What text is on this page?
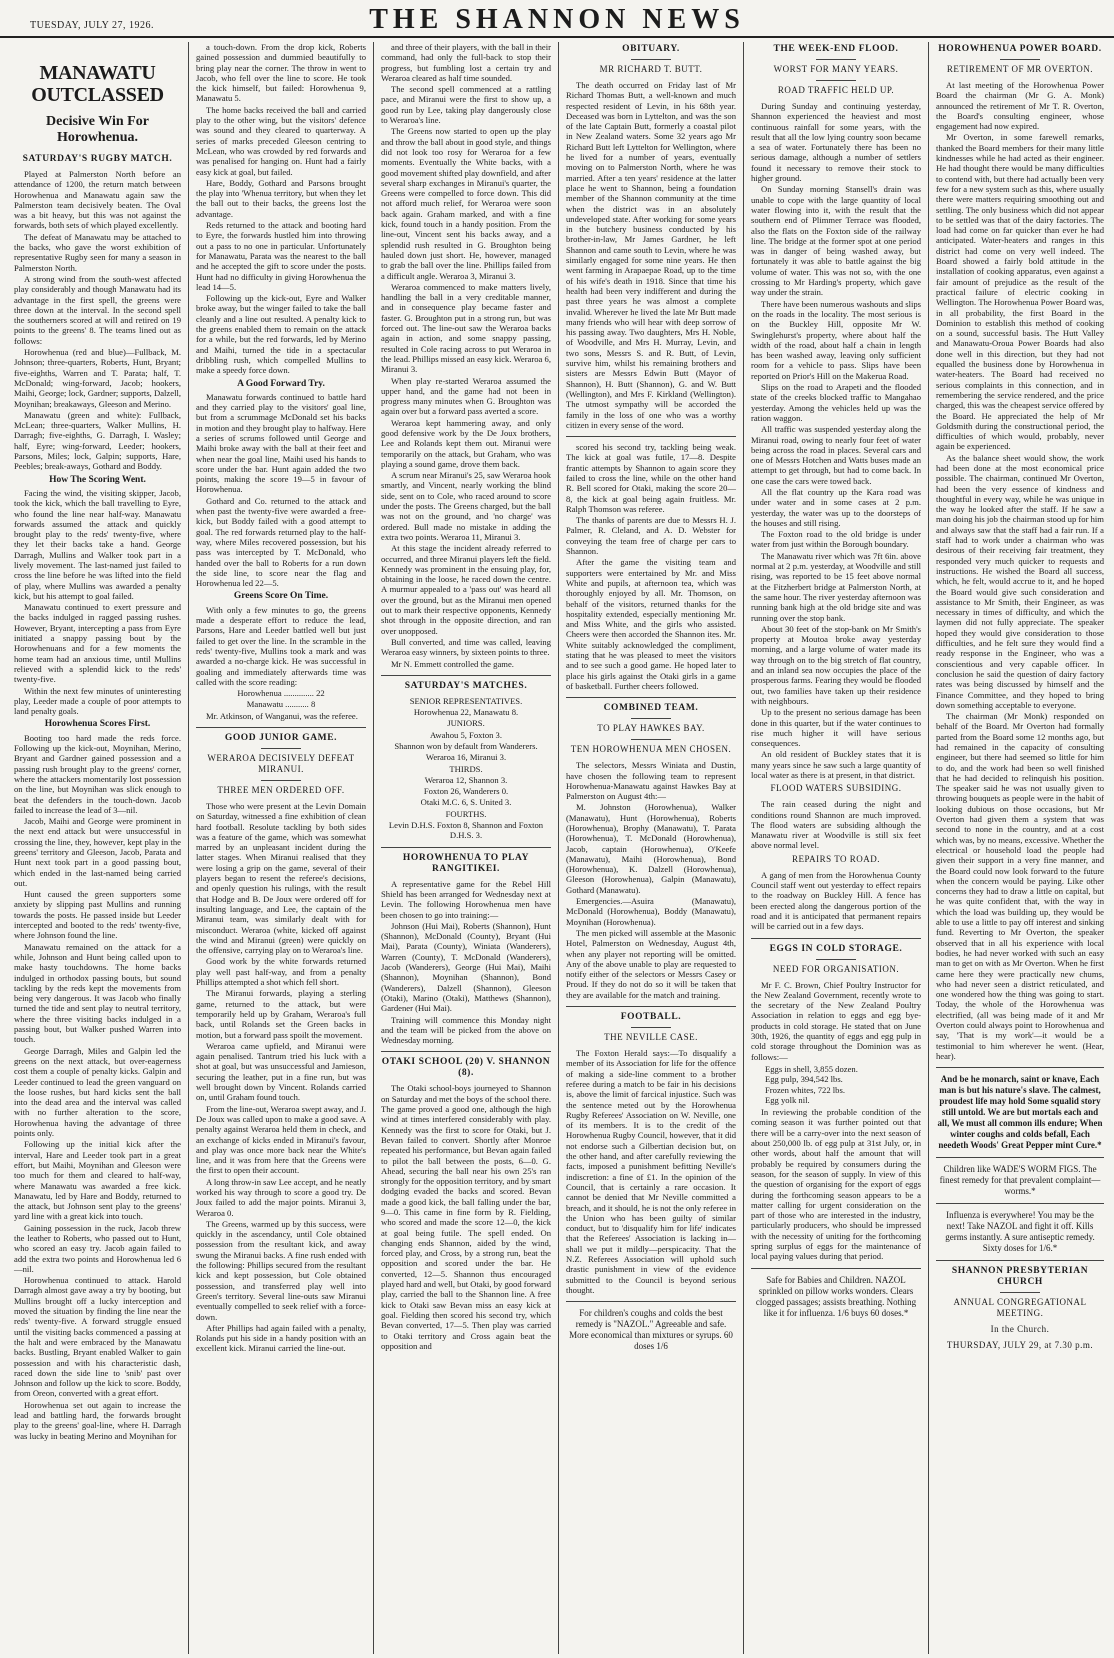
TUESDAY, JULY 27, 1926.	THE SHANNON NEWS
MANAWATU OUTCLASSED
Decisive Win For Horowhenua.
SATURDAY'S RUGBY MATCH.

Played at Palmerston North before an attendance of 1200, the return match between Horowhenua and Manawatu again saw the Palmerston team decisively beaten. The Oval was a bit heavy, but this was not against the forwards, both sets of which played excellently.

The defeat of Manawatu may be attached to the backs, who gave the worst exhibition of representative Rugby seen for many a season in Palmerston North.

A strong wind from the south-west affected play considerably and though Manawatu had its advantage in the first spell, the greens were three down at the interval. In the second spell the southerners scored at will and retired on 19 points to the greens' 8. The teams lined out as follows:

Horowhenua (red and blue)—Fullback, M. Johnson; three-quarters, Roberts, Hunt, Bryant; five-eighths, Warren and T. Parata; half, T. McDonald; wing-forward, Jacob; hookers, Maihi, George; lock, Gardner; supports, Dalzell, Moynihan; breakaways, Gleeson and Merino.

Manawatu (green and white): Fullback, McLean; three-quarters, Walker Mullins, H. Darragh; five-eighths, G. Darragh, I. Wasley; half, Eyre; wing-forward, Leeder; hookers, Parsons, Miles; lock, Galpin; supports, Hare, Peebles; break-aways, Gothard and Boddy.

How The Scoring Went.

Facing the wind, the visiting skipper, Jacob, took the kick, which the ball travelling to Eyre, who found the line near half-way. Manawatu forwards assumed the attack and quickly brought play to the reds' twenty-five, where they let their backs take a hand. George Darragh, Mullins and Walker took part in a lively movement. The last-named just failed to cross the line before he was lifted into the field of play, where Mullins was awarded a penalty kick, but his attempt to goal failed.

Manawatu continued to exert pressure and the backs indulged in ragged passing rushes. However, Bryant, intercepting a pass from Eyre initiated a snappy passing bout by the Horowhenuans and for a few moments the home team had an anxious time, until Mullins relieved with a splendid kick to the reds' twenty-five.

Within the next few minutes of uninteresting play, Leeder made a couple of poor attempts to land penalty goals.

Horowhenua Scores First.

Booting too hard made the reds force. Following up the kick-out, Moynihan, Merino, Bryant and Gardner gained possession and a passing rush brought play to the greens' corner, where the attackers momentarily lost possession on the line, but Moynihan was slick enough to beat the defenders in the touch-down. Jacob failed to increase the lead of 3—nil.

Jacob, Maihi and George were prominent in the next end attack but were unsuccessful in crossing the line, they, however, kept play in the greens' territory and Gleeson, Jacob, Parata and Hunt next took part in a good passing bout, which ended in the last-named being carried out.

Hunt caused the green supporters some anxiety by slipping past Mullins and running towards the posts. He passed inside but Leeder intercepted and booted to the reds' twenty-five, where Johnson found the line.

Manawatu remained on the attack for a while, Johnson and Hunt being called upon to make hasty touchdowns. The home backs indulged in orthodox passing bouts, but sound tackling by the reds kept the movements from being very dangerous. It was Jacob who finally turned the tide and sent play to neutral territory, where the three visiting backs indulged in a passing bout, but Walker pushed Warren into touch.

George Darragh, Miles and Galpin led the greens on the next attack, but over-eagerness cost them a couple of penalty kicks. Galpin and Leeder continued to lead the green vanguard on the loose rushes, but hard kicks sent the ball into the dead area and the interval was called with no further alteration to the score, Horowhenua having the advantage of three points only.

Following up the initial kick after the interval, Hare and Leeder took part in a great effort, but Maihi, Moynihan and Gleeson were too much for them and cleared to half-way, where Manawatu was awarded a free kick. Manawatu, led by Hare and Boddy, returned to the attack, but Johnson sent play to the greens' yard line with a great kick into touch.

Gaining possession in the ruck, Jacob threw the leather to Roberts, who passed out to Hunt, who scored an easy try. Jacob again failed to add the extra two points and Horowhenua led 6—nil.

Horowhenua continued to attack. Harold Darragh almost gave away a try by booting, but Mullins brought off a lucky interception and moved the situation by finding the line near the reds' twenty-five. A forward struggle ensued until the visiting backs commenced a passing at the halt and were embraced by the Manawatu backs. Bustling, Bryant enabled Walker to gain possession and with his characteristic dash, raced down the side line to 'snib' past over Johnson and follow up the kick to score. Boddy, from Oreon, converted with a great effort.

Horowhenua set out again to increase the lead and battling hard, the forwards brought play to the greens' goal-line, where H. Darragh was lucky in beating Merino and Moynihan for

a touch-down. From the drop kick, Roberts gained possession and dummied beautifully to bring play near the corner. The throw in went to Jacob, who fell over the line to score. He took the kick himself, but failed: Horowhenua 9, Manawatu 5.

The home backs received the ball and carried play to the other wing, but the visitors' defence was sound and they cleared to quarterway. A series of marks preceded Gleeson centring to McLean, who was crowded by red forwards and was penalised for hanging on. Hunt had a fairly easy kick at goal, but failed.

Hare, Boddy, Gothard and Parsons brought the play into 'Whenua territory, but when they let the ball out to their backs, the greens lost the advantage.

Reds returned to the attack and booting hard to Eyre, the forwards hustled him into throwing out a pass to no one in particular. Unfortunately for Manawatu, Parata was the nearest to the ball and he accepted the gift to score under the posts. Hunt had no difficulty in giving Horowhenua the lead 14—5.

Following up the kick-out, Eyre and Walker broke away, but the winger failed to take the ball cleanly and a line out resulted. A penalty kick to the greens enabled them to remain on the attack for a while, but the red forwards, led by Merino and Maihi, turned the tide in a spectacular dribbling rush, which compelled Mullins to make a speedy force down.

A Good Forward Try.

Manawatu forwards continued to battle hard and they carried play to the visitors' goal line, but from a scrummage McDonald set his backs in motion and they brought play to halfway. Here a series of scrums followed until George and Maihi broke away with the ball at their feet and when near the goal line, Maihi used his hands to score under the bar. Hunt again added the two points, making the score 19—5 in favour of Horowhenua.

Gothard and Co. returned to the attack and when past the twenty-five were awarded a free-kick, but Boddy failed with a good attempt to goal. The red forwards returned play to the half-way, where Miles recovered possession, but his pass was intercepted by T. McDonald, who handed over the ball to Roberts for a run down the side line, to score near the flag and Horowhenua led 22—5.

Greens Score On Time.

With only a few minutes to go, the greens made a desperate effort to reduce the lead, Parsons, Hare and Leeder battled well but just failed to get over the line. In the scramble in the reds' twenty-five, Mullins took a mark and was awarded a no-charge kick. He was successful in goaling and immediately afterwards time was called with the score reading:

Horowhenua .............. 22
Manawatu ........... 8

Mr. Atkinson, of Wanganui, was the referee.

GOOD JUNIOR GAME.
WERAROA DECISIVELY DEFEAT MIRANUI.
THREE MEN ORDERED OFF.

Those who were present at the Levin Domain on Saturday, witnessed a fine exhibition of clean hard football. Resolute tackling by both sides was a feature of the game, which was somewhat marred by an unpleasant incident during the latter stages. When Miranui realised that they were losing a grip on the game, several of their players began to resent the referee's decisions, and openly question his rulings, with the result that Hodge and B. De Joux were ordered off for insulting language, and Lee, the captain of the Miranui team, was similarly dealt with for misconduct. Weraroa (white, kicked off against the wind and Miranui (green) were quickly on the offensive, carrying play on to Weraroa's line.

Good work by the white forwards returned play well past half-way, and from a penalty Phillips attempted a shot which fell short.

The Miranui forwards, playing a sterling game, returned to the attack, but were temporarily held up by Graham, Weraroa's full back, until Rolands set the Green backs in motion, but a forward pass spoilt the movement.

Weraroa came upfield, and Miranui were again penalised. Tantrum tried his luck with a shot at goal, but was unsuccessful and Jamieson, securing the leather, put in a fine run, but was well brought down by Vincent. Rolands carried on, until Graham found touch.

From the line-out, Weraroa swept away, and J. De Joux was called upon to make a good save. A penalty against Weraroa held them in check, and an exchange of kicks ended in Miranui's favour, and play was once more back near the White's line, and it was from here that the Greens were the first to open their account.

A long throw-in saw Lee accept, and he neatly worked his way through to score a good try. De Joux failed to add the major points. Miranui 3, Weraroa 0.

The Greens, warmed up by this success, were quickly in the ascendancy, until Cole obtained possession from the resultant kick, and away swung the Miranui backs. A fine rush ended with the following: Phillips secured from the resultant kick and kept possession, but Cole obtained possession, and transferred play well into Green's territory. Several line-outs saw Miranui eventually compelled to seek relief with a force-down.

After Phillips had again failed with a penalty, Rolands put his side in a handy position with an excellent kick. Miranui carried the line-out.

and three of their players, with the ball in their command, had only the full-back to stop their progress, but fumbling lost a certain try and Weraroa cleared as half time sounded.

The second spell commenced at a rattling pace, and Miranui were the first to show up, a good run by Lee, taking play dangerously close to Weraroa's line.

The Greens now started to open up the play and throw the ball about in good style, and things did not look too rosy for Weraroa for a few moments. Eventually the White backs, with a good movement shifted play downfield, and after several sharp exchanges in Miranui's quarter, the Greens were compelled to force down. This did not afford much relief, for Weraroa were soon back again. Graham marked, and with a fine kick, found touch in a handy position. From the line-out, Vincent sent his backs away, and a splendid rush resulted in G. Broughton being hauled down just short. He, however, managed to grab the ball over the line. Phillips failed from a difficult angle. Weraroa 3, Miranui 3.

Weraroa commenced to make matters lively, handling the ball in a very creditable manner, and in consequence play became faster and faster. G. Broughton put in a strong run, but was forced out. The line-out saw the Weraroa backs again in action, and some snappy passing, resulted in Cole racing across to put Weraroa in the lead. Phillips missed an easy kick. Weraroa 6, Miranui 3.

When play re-started Weraroa assumed the upper hand, and the game had not been in progress many minutes when G. Broughton was again over but a forward pass averted a score.

Weraroa kept hammering away, and only good defensive work by the De Joux brothers, Lee and Rolands kept them out. Miranui were temporarily on the attack, but Graham, who was playing a sound game, drove them back.

A scrum near Miranui's 25, saw Weraroa hook smartly, and Vincent, nearly working the blind side, sent on to Cole, who raced around to score under the posts. The Greens charged, but the ball was not on the ground, and 'no charge' was ordered. Bull made no mistake in adding the extra two points. Weraroa 11, Miranui 3.

At this stage the incident already referred to occurred, and three Miranui players left the field. Kennedy was prominent in the ensuing play, for, obtaining in the loose, he raced down the centre. A murmur appealed to a 'pass out' was heard all over the ground, but as the Miranui men opened out to mark their respective opponents, Kennedy shot through in the opposite direction, and ran over unopposed.

Bull converted, and time was called, leaving Weraroa easy winners, by sixteen points to three.

Mr N. Emmett controlled the game.

SATURDAY'S MATCHES.
SENIOR REPRESENTATIVES.
Horowhenua 22, Manawatu 8.
JUNIORS.
Awahou 5, Foxton 3.
Shannon won by default from Wanderers.
Weraroa 16, Miranui 3.
THIRDS.
Weraroa 12, Shannon 3.
Foxton 26, Wanderers 0.
Otaki M.C. 6, S. United 3.
FOURTHS.
Levin D.H.S. Foxton 8, Shannon and Foxton D.H.S. 3.
HOROWHENUA TO PLAY RANGITIKEI.

A representative game for the Rebel Hill Shield has been arranged for Wednesday next at Levin. The following Horowhenua men have been chosen to go into training:—

Johnson (Hui Mai), Roberts (Shannon), Hunt (Shannon), McDonald (County), Bryant (Hui Mai), Parata (County), Winiata (Wanderers), Warren (County), T. McDonald (Wanderers), Jacob (Wanderers), George (Hui Mai), Maihi (Shannon), Moynihan (Shannon), Bond (Wanderers), Dalzell (Shannon), Gleeson (Otaki), Marino (Otaki), Matthews (Shannon), Gardener (Hui Mai).

Training will commence this Monday night and the team will be picked from the above on Wednesday morning.

OTAKI SCHOOL (20) V. SHANNON (8).

The Otaki school-boys journeyed to Shannon on Saturday and met the boys of the school there. The game proved a good one, although the high wind at times interfered considerably with play. Kennedy was the first to score for Otaki, but J. Bevan failed to convert. Shortly after Monroe repeated his performance, but Bevan again failed to pilot the ball between the posts, 6—0. G. Ahead, securing the ball near his own 25's ran strongly for the opposition territory, and by smart dodging evaded the backs and scored. Bevan made a good kick, the ball falling under the bar, 9—0. This came in fine form by R. Fielding, who scored and made the score 12—0, the kick at goal being futile. The spell ended. On changing ends Shannon, aided by the wind, forced play, and Cross, by a strong run, beat the opposition and scored under the bar. He converted, 12—5. Shannon thus encouraged played hard and well, but Otaki, by good forward play, carried the ball to the Shannon line. A free kick to Otaki saw Bevan miss an easy kick at goal. Fielding then scored his second try, which Bevan converted, 17—5. Then play was carried to Otaki territory and Cross again beat the opposition and

OBITUARY.
MR RICHARD T. BUTT.

The death occurred on Friday last of Mr Richard Thomas Butt, a well-known and much respected resident of Levin, in his 68th year. Deceased was born in Lyttelton, and was the son of the late Captain Butt, formerly a coastal pilot in New Zealand waters. Some 32 years ago Mr Richard Butt left Lyttelton for Wellington, where he lived for a number of years, eventually moving on to Palmerston North, where he was married. After a ten years' residence at the latter place he went to Shannon, being a foundation member of the Shannon community at the time when the district was in an absolutely undeveloped state. After working for some years in the butchery business conducted by his brother-in-law, Mr James Gardner, he left Shannon and came south to Levin, where he was similarly engaged for some nine years. He then went farming in Arapaepae Road, up to the time of his wife's death in 1918. Since that time his health had been very indifferent and during the past three years he was almost a complete invalid. Wherever he lived the late Mr Butt made many friends who will hear with deep sorrow of his passing away. Two daughters, Mrs H. Noble, of Woodville, and Mrs H. Murray, Levin, and two sons, Messrs S. and R. Butt, of Levin, survive him, whilst his remaining brothers and sisters are Messrs Edwin Butt (Mayor of Shannon), H. Butt (Shannon), G. and W. Butt (Wellington), and Mrs F. Kirkland (Wellington). The utmost sympathy will be accorded the family in the loss of one who was a worthy citizen in every sense of the word.

scored his second try, tackling being weak. The kick at goal was futile, 17—8. Despite frantic attempts by Shannon to again score they failed to cross the line, while on the other hand R. Bell scored for Otaki, making the score 20—8, the kick at goal being again fruitless. Mr. Ralph Thomson was referee.

The thanks of parents are due to Messrs H. J. Palmer, R. Cleland, and A. D. Webster for conveying the team free of charge per cars to Shannon.

After the game the visiting team and supporters were entertained by Mr. and Miss White and pupils, at afternoon tea, which was thoroughly enjoyed by all. Mr. Thomson, on behalf of the visitors, returned thanks for the hospitality extended, especially mentioning Mr. and Miss White, and the girls who assisted. Cheers were then accorded the Shannon ites. Mr. White suitably acknowledged the compliment, stating that he was pleased to meet the visitors and to see such a good game. He hoped later to place his girls against the Otaki girls in a game of basketball. Further cheers followed.

COMBINED TEAM.
TO PLAY HAWKES BAY.
TEN HOROWHENUA MEN CHOSEN.

The selectors, Messrs Winiata and Dustin, have chosen the following team to represent Horowhenua-Manawatu against Hawkes Bay at Palmerston on August 4th:—

M. Johnston (Horowhenua), Walker (Manawatu), Hunt (Horowhenua), Roberts (Horowhenua), Brophy (Manawatu), T. Parata (Horowhenua), T. McDonald (Horowhenua), Jacob, captain (Horowhenua), O'Keefe (Manawatu), Maihi (Horowhenua), Bond (Horowhenua), K. Dalzell (Horowhenua), Gleeson (Horowhenua), Galpin (Manawatu), Gothard (Manawatu).

Emergencies.—Asuira (Manawatu), McDonald (Horowhenua), Boddy (Manawatu), Moynihan (Horowhenua).

The men picked will assemble at the Masonic Hotel, Palmerston on Wednesday, August 4th, when any player not reporting will be omitted. Any of the above unable to play are requested to notify either of the selectors or Messrs Casey or Proud. If they do not do so it will be taken that they are available for the match and training.

FOOTBALL.
THE NEVILLE CASE.

The Foxton Herald says:—To disqualify a member of its Association for life for the offence of making a side-line comment to a brother referee during a match to be fair in his decisions is, above the limit of farcical injustice. Such was the sentence meted out by the Horowhenua Rugby Referees' Association on W. Neville, one of its members. It is to the credit of the Horowhenua Rugby Council, however, that it did not endorse such a Gilbertian decision but, on the other hand, and after carefully reviewing the facts, imposed a punishment befitting Neville's indiscretion: a fine of £1. In the opinion of the Council, that is certainly a rare occasion. It cannot be denied that Mr Neville committed a breach, and it should, he is not the only referee in the Union who has been guilty of similar conduct, but to 'disqualify him for life' indicates that the Referees' Association is lacking in—shall we put it mildly—perspicacity. That the N.Z. Referees Association will uphold such drastic punishment in view of the evidence submitted to the Council is beyond serious thought.

For children's coughs and colds the best remedy is "NAZOL." Agreeable and safe. More economical than mixtures or syrups. 60 doses 1/6
THE WEEK-END FLOOD.
WORST FOR MANY YEARS.
ROAD TRAFFIC HELD UP.

During Sunday and continuing yesterday, Shannon experienced the heaviest and most continuous rainfall for some years, with the result that all the low lying country soon became a sea of water. Fortunately there has been no serious damage, although a number of settlers found it necessary to remove their stock to higher ground.

On Sunday morning Stansell's drain was unable to cope with the large quantity of local water flowing into it, with the result that the southern end of Plimmer Terrace was flooded, also the flats on the Foxton side of the railway line. The bridge at the former spot at one period was in danger of being washed away, but fortunately it was able to battle against the big volume of water. This was not so, with the one crossing to Mr Harding's property, which gave way under the strain.

There have been numerous washouts and slips on the roads in the locality. The most serious is on the Buckley Hill, opposite Mr W. Swinglehurst's property, where about half the width of the road, about half a chain in length has been washed away, leaving only sufficient room for a vehicle to pass. Slips have been reported on Prior's Hill on the Makerua Road.

Slips on the road to Arapeti and the flooded state of the creeks blocked traffic to Mangahao yesterday. Among the vehicles held up was the ration waggon.

All traffic was suspended yesterday along the Miranui road, owing to nearly four feet of water being across the road in places. Several cars and one of Messrs Hotchen and Watts buses made an attempt to get through, but had to come back. In one case the cars were towed back.

All the flat country up the Kara road was under water and in some cases at 2 p.m. yesterday, the water was up to the doorsteps of the houses and still rising.

The Foxton road to the old bridge is under water from just within the Borough boundary.

The Manawatu river which was 7ft 6in. above normal at 2 p.m. yesterday, at Woodville and still rising, was reported to be 15 feet above normal at the Fitzherbert bridge at Palmerston North, at the same hour. The river yesterday afternoon was running bank high at the old bridge site and was running over the stop bank.

About 30 feet of the stop-bank on Mr Smith's property at Moutoa broke away yesterday morning, and a large volume of water made its way through on to the big stretch of flat country, and an inland sea now occupies the place of the prosperous farms. Fearing they would be flooded out, two families have taken up their residence with neighbours.

Up to the present no serious damage has been done in this quarter, but if the water continues to rise much higher it will have serious consequences.

An old resident of Buckley states that it is many years since he saw such a large quantity of local water as there is at present, in that district.

FLOOD WATERS SUBSIDING.

The rain ceased during the night and conditions round Shannon are much improved. The flood waters are subsiding although the Manawatu river at Woodville is still six feet above normal level.

REPAIRS TO ROAD.

A gang of men from the Horowhenua County Council staff went out yesterday to effect repairs to the roadway on Buckley Hill. A fence has been erected along the dangerous portion of the road and it is anticipated that permanent repairs will be carried out in a few days.

EGGS IN COLD STORAGE.
NEED FOR ORGANISATION.

Mr F. C. Brown, Chief Poultry Instructor for the New Zealand Government, recently wrote to the secretary of the New Zealand Poultry Association in relation to eggs and egg bye-products in cold storage. He stated that on June 30th, 1926, the quantity of eggs and egg pulp in cold storage throughout the Dominion was as follows:—

Eggs in shell, 3,855 dozen.
Egg pulp, 394,542 lbs.
Frozen whites, 722 lbs.
Egg yolk nil.

In reviewing the probable condition of the coming season it was further pointed out that there will be a carry-over into the next season of about 250,000 lb. of egg pulp at 31st July, or, in other words, about half the amount that will probably be required by consumers during the season, for the season of supply. In view of this the question of organising for the export of eggs during the forthcoming season appears to be a matter calling for urgent consideration on the part of those who are interested in the industry, particularly producers, who should be impressed with the necessity of uniting for the forthcoming spring surplus of eggs for the maintenance of local paying values during that period.

Safe for Babies and Children. NAZOL sprinkled on pillow works wonders. Clears clogged passages; assists breathing. Nothing like it for influenza. 1/6 buys 60 doses.*
HOROWHENUA POWER BOARD.
RETIREMENT OF MR OVERTON.

At last meeting of the Horowhenua Power Board the chairman (Mr G. A. Monk) announced the retirement of Mr T. R. Overton, the Board's consulting engineer, whose engagement had now expired.

Mr Overton, in some farewell remarks, thanked the Board members for their many little kindnesses while he had acted as their engineer. He had thought there would be many difficulties to contend with, but there had actually been very few for a new system such as this, where usually there were matters requiring smoothing out and settling. The only business which did not appear to be settled was that of the dairy factories. The load had come on far quicker than ever he had anticipated. Water-heaters and ranges in this district had come on very well indeed. The Board showed a fairly bold attitude in the installation of cooking apparatus, even against a fair amount of prejudice as the result of the practical failure of electric cooking in Wellington. The Horowhenua Power Board was, in all probability, the first Board in the Dominion to establish this method of cooking on a sound, successful basis. The Hutt Valley and Manawatu-Oroua Power Boards had also done well in this direction, but they had not equalled the business done by Horowhenua in water-heaters. The Board had received no serious complaints in this connection, and in remembering the service rendered, and the price charged, this was the cheapest service offered by the Board. He appreciated the help of Mr Goldsmith during the constructional period, the difficulties of which would, probably, never again be experienced.

As the balance sheet would show, the work had been done at the most economical price possible. The chairman, continued Mr Overton, had been the very essence of kindness and thoughtful in every way, while he was unique in the way he looked after the staff. If he saw a man doing his job the chairman stood up for him and always saw that the staff had a fair run. If a staff had to work under a chairman who was desirous of their receiving fair treatment, they responded very much quicker to requests and instructions. He wished the Board all success, which, he felt, would accrue to it, and he hoped the Board would give such consideration and assistance to Mr Smith, their Engineer, as was necessary in times of difficulty, and which the laymen did not fully appreciate. The speaker hoped they would give consideration to those difficulties, and he felt sure they would find a ready response in the Engineer, who was a conscientious and very capable officer. In conclusion he said the question of dairy factory rates was being discussed by himself and the Finance Committee, and they hoped to bring down something acceptable to everyone.

The chairman (Mr Monk) responded on behalf of the Board. Mr Overton had formally parted from the Board some 12 months ago, but had remained in the capacity of consulting engineer, but there had seemed so little for him to do, and the work had been so well finished that he had decided to relinquish his position. The speaker said he was not usually given to throwing bouquets as people were in the habit of looking dubious on those occasions, but Mr Overton had given them a system that was second to none in the country, and at a cost which was, by no means, excessive. Whether the electrical or household load the people had given their support in a very fine manner, and the Board could now look forward to the future when the concern would be paying. Like other concerns they had to draw a little on capital, but he was quite confident that, with the way in which the load was building up, they would be able to use a little to pay off interest and sinking fund. Reverting to Mr Overton, the speaker observed that in all his experience with local bodies, he had never worked with such an easy man to get on with as Mr Overton. When he first came here they were practically new chums, who had never seen a district reticulated, and one wondered how the thing was going to start. Today, the whole of the Horowhenua was electrified, (all was being made of it and Mr Overton could always point to Horowhenua and say, 'That is my work'—it would be a testimonial to him wherever he went. (Hear, hear).

And be he monarch, saint or knave, Each man is but his nature's slave. The calmest, proudest life may hold Some squalid story still untold. We are but mortals each and all, We must all common ills endure; When winter coughs and colds befall, Each needeth Woods' Great Pepper mint Cure.*
Children like WADE'S WORM FIGS. The finest remedy for that prevalent complaint—worms.*
Influenza is everywhere! You may be the next! Take NAZOL and fight it off. Kills germs instantly. A sure antiseptic remedy. Sixty doses for 1/6.*
SHANNON PRESBYTERIAN CHURCH
ANNUAL CONGREGATIONAL MEETING.
In the Church.
THURSDAY, JULY 29, at 7.30 p.m.
